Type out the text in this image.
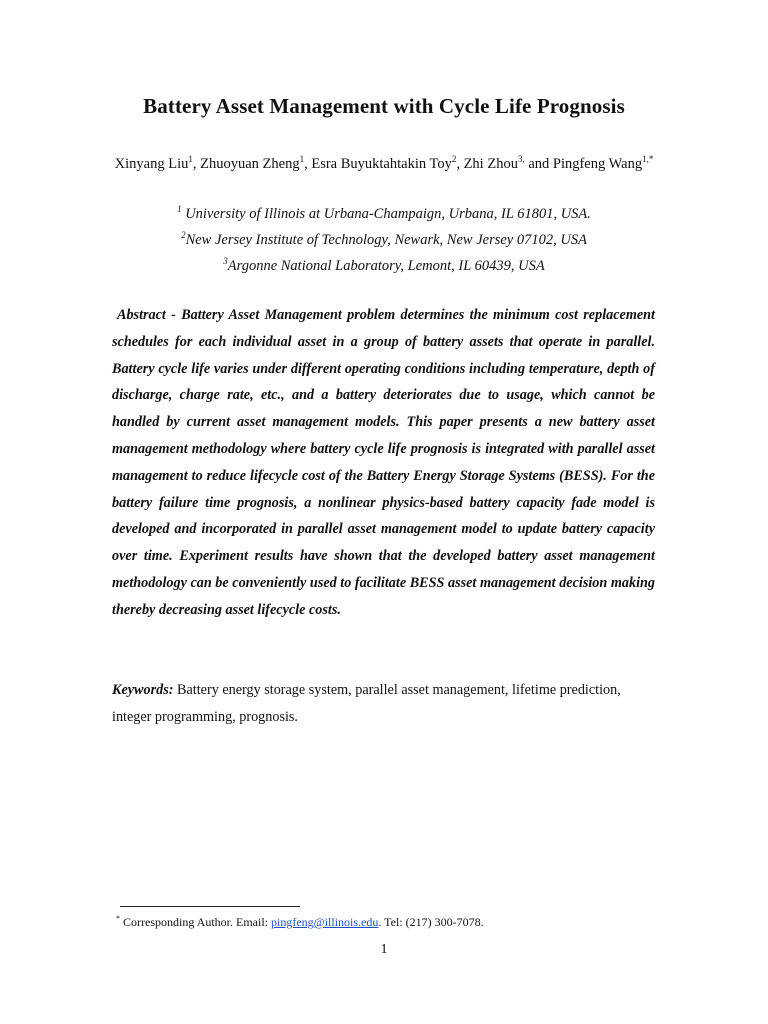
Battery Asset Management with Cycle Life Prognosis
Xinyang Liu$^1$, Zhuoyuan Zheng$^1$, Esra Buyuktahtakin Toy$^2$, Zhi Zhou$^{3,}$ and Pingfeng Wang$^{1,*}$
$^1$ University of Illinois at Urbana-Champaign, Urbana, IL 61801, USA.
$^2$New Jersey Institute of Technology, Newark, New Jersey 07102, USA
$^3$Argonne National Laboratory, Lemont, IL 60439, USA
Abstract - Battery Asset Management problem determines the minimum cost replacement schedules for each individual asset in a group of battery assets that operate in parallel. Battery cycle life varies under different operating conditions including temperature, depth of discharge, charge rate, etc., and a battery deteriorates due to usage, which cannot be handled by current asset management models. This paper presents a new battery asset management methodology where battery cycle life prognosis is integrated with parallel asset management to reduce lifecycle cost of the Battery Energy Storage Systems (BESS). For the battery failure time prognosis, a nonlinear physics-based battery capacity fade model is developed and incorporated in parallel asset management model to update battery capacity over time. Experiment results have shown that the developed battery asset management methodology can be conveniently used to facilitate BESS asset management decision making thereby decreasing asset lifecycle costs.
Keywords: Battery energy storage system, parallel asset management, lifetime prediction, integer programming, prognosis.
* Corresponding Author. Email: pingfeng@illinois.edu. Tel: (217) 300-7078.
1
